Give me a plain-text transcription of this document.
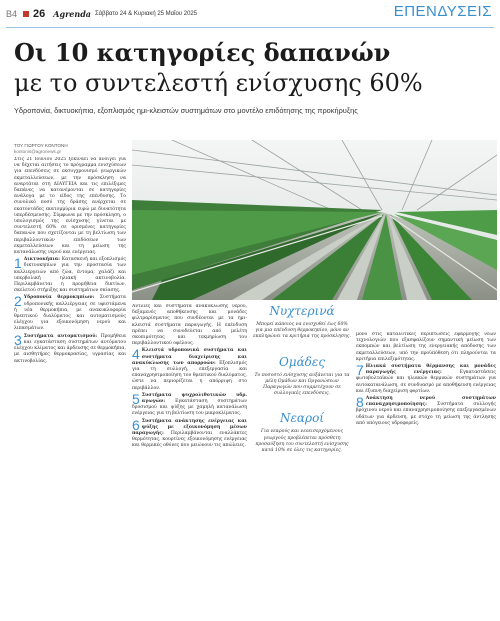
B4 26 Agrenda Σάββατο 24 & Κυριακή 25 Μαΐου 2025	ΕΠΕΝΔΥΣΕΙΣ
Οι 10 κατηγορίες δαπανών
με το συντελεστή ενίσχυσης 60%
Υδροπονία, δικτυοκήπια, εξοπλισμός ημι-κλειστών συστημάτων στο μοντέλο επιδότησης της προκήρυξης
ΤΟΥ ΓΙΩΡΓΟΥ ΚΟΝΤΟΝΗ
kontonis@agronews.gr

Στις 21 Ιουνίου 2025 ξεκινάει να ανοίγει για να δέχεται αιτήσεις το πρόγραμμα ενισχύσεων για επενδύσεις σε εκσυγχρονισμό γεωργικών εκμεταλλεύσεων, με την πρόσκληση να αναρτάται στη ΔΙΑΥΓΕΙΑ και τις επιλέξιμες δαπάνες να κατανέμονται σε κατηγορίες ανάλογα με το είδος της επένδυσης. Το συνολικό ποσό της δράσης ανέρχεται σε εκατοντάδες εκατομμύρια ευρώ με δυνατότητα υπερδέσμευσης. Σύμφωνα με την πρόσκληση, ο υπολογισμός της ενίσχυσης γίνεται με συντελεστή 60% σε ορισμένες κατηγορίες δαπανών που σχετίζονται με τη βελτίωση των περιβαλλοντικών επιδόσεων των εκμεταλλεύσεων και τη μείωση της κατανάλωσης νερού και ενέργειας.

1 Δικτυοκήπια: Κατασκευή και εξοπλισμός δικτυοκηπίων για την προστασία των καλλιεργειών από ζώα, έντομα, χαλάζι και υπερβολική ηλιακή ακτινοβολία. Περιλαμβάνεται η προμήθεια δικτύων, σκελετού στήριξης και συστημάτων σκίασης.

2 Υδροπονία θερμοκηπίων: Συστήματα υδροπονικής καλλιέργειας σε υφιστάμενα ή νέα θερμοκήπια, με ανακυκλοφορία θρεπτικού διαλύματος και αυτοματισμούς ελέγχου για εξοικονόμηση νερού και λιπασμάτων.

3 Συστήματα αυτοματισμού: Προμήθεια και εγκατάσταση συστημάτων αυτόματου ελέγχου κλίματος και άρδευσης σε θερμοκήπια, με αισθητήρες θερμοκρασίας, υγρασίας και ακτινοβολίας.

Αντλίες και συστήματα ανακύκλωσης νερού, δεξαμενές αποθήκευσης και μονάδες φιλτραρίσματος που συνδέονται με τα ημι-κλειστά συστήματα παραγωγής. Η επένδυση πρέπει να συνοδεύεται από μελέτη σκοπιμότητας και τεκμηρίωση του περιβαλλοντικού οφέλους.

4 Κλειστά υδροπονικά συστήματα και συστήματα διαχείρισης και ανακύκλωσης των απορροών: Εξοπλισμός για τη συλλογή, επεξεργασία και επαναχρησιμοποίηση του θρεπτικού διαλύματος, ώστε να περιορίζεται η απόρριψη στο περιβάλλον.

5 Συστήματα ψυχρολιθοτικών υδρ. αγωγών: Εγκατάσταση συστημάτων δροσισμού και ψύξης με χαμηλή κατανάλωση ενέργειας για τη βελτίωση του μικροκλίματος.

6 Συστήματα ανάκτησης ενέργειας και ψύξης με εξοικονόμηση μέσων παραγωγής: Περιλαμβάνονται εναλλάκτες θερμότητας, κουρτίνες εξοικονόμησης ενέργειας και θερμικές οθόνες που μειώνουν τις απώλειες.

Νυχτερινά

Μπορεί κάποιος να ενισχυθεί έως 60% για μια επένδυση θερμοκηπίου, μόνο αν εκπληρώνει τα κριτήρια της πρόσκλησης.

Ομάδες

Το ποσοστό ενίσχυσης αυξάνεται για τα μέλη Ομάδων και Οργανώσεων Παραγωγών που συμμετέχουν σε συλλογικές επενδύσεις.

Νεαροί

Για νεαρούς και νεοεισερχόμενους γεωργούς προβλέπεται πρόσθετη προσαύξηση του συντελεστή ενίσχυσης κατά 10% σε όλες τις κατηγορίες.

μόνο στις καταλυτικές περιπτώσεις εφαρμογής νέων τεχνολογιών που εξασφαλίζουν σημαντική μείωση των εκπομπών και βελτίωση της ενεργειακής απόδοσης των εκμεταλλεύσεων, υπό την προϋπόθεση ότι πληρούνται τα κριτήρια επιλεξιμότητας.

7 Ηλιακά συστήματα θέρμανσης και μονάδες παραγωγής ενέργειας:	Εγκαταστάσεις φωτοβολταϊκών και ηλιακών θερμικών συστημάτων για αυτοκατανάλωση, σε συνδυασμό με αποθήκευση ενέργειας και έξυπνη διαχείριση φορτίων.

8 Ανάκτηση νερού συστημάτων επαναχρησιμοποίησης: Συστήματα συλλογής βρόχινου νερού και επαναχρησιμοποίησης επεξεργασμένων υδάτων για άρδευση, με στόχο τη μείωση της άντλησης από υπόγειους υδροφορείς.
